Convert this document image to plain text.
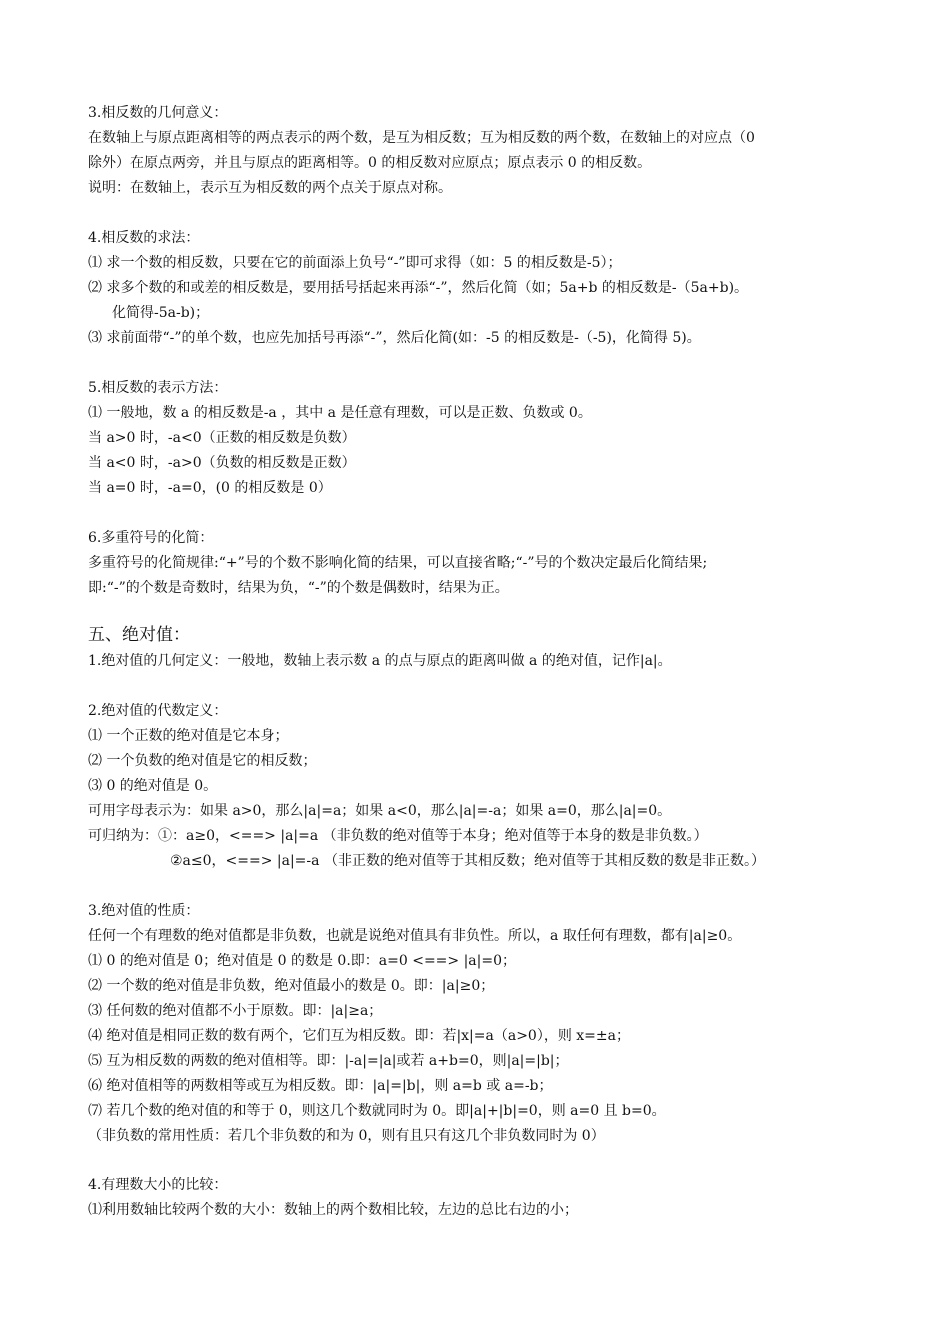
3.相反数的几何意义：
在数轴上与原点距离相等的两点表示的两个数，是互为相反数；互为相反数的两个数，在数轴上的对应点（0
除外）在原点两旁，并且与原点的距离相等。0 的相反数对应原点；原点表示 0 的相反数。
说明：在数轴上，表示互为相反数的两个点关于原点对称。
4.相反数的求法：
⑴ 求一个数的相反数，只要在它的前面添上负号“-”即可求得（如：5 的相反数是-5）；
⑵ 求多个数的和或差的相反数是，要用括号括起来再添“-”，然后化简（如；5a+b 的相反数是-（5a+b)。
化简得-5a-b)；
⑶ 求前面带“-”的单个数，也应先加括号再添“-”，然后化简(如：-5 的相反数是-（-5)，化简得 5)。
5.相反数的表示方法：
⑴ 一般地，数 a 的相反数是-a ，其中 a 是任意有理数，可以是正数、负数或 0。
当 a>0 时，-a<0（正数的相反数是负数）
当 a<0 时，-a>0（负数的相反数是正数）
当 a=0 时，-a=0，(0 的相反数是 0）
6.多重符号的化简：
多重符号的化简规律:“+”号的个数不影响化简的结果，可以直接省略;“-”号的个数决定最后化简结果;
即:“-”的个数是奇数时，结果为负，“-”的个数是偶数时，结果为正。
五、绝对值：
1.绝对值的几何定义：一般地，数轴上表示数 a 的点与原点的距离叫做 a 的绝对值，记作|a|。
2.绝对值的代数定义：
⑴ 一个正数的绝对值是它本身；
⑵ 一个负数的绝对值是它的相反数；
⑶ 0 的绝对值是 0。
可用字母表示为：如果 a>0，那么|a|=a；如果 a<0，那么|a|=-a；如果 a=0，那么|a|=0。
可归纳为：①：a≥0，<==> |a|=a （非负数的绝对值等于本身；绝对值等于本身的数是非负数。）
②a≤0，<==> |a|=-a （非正数的绝对值等于其相反数；绝对值等于其相反数的数是非正数。）
3.绝对值的性质：
任何一个有理数的绝对值都是非负数，也就是说绝对值具有非负性。所以，a 取任何有理数，都有|a|≥0。
⑴ 0 的绝对值是 0；绝对值是 0 的数是 0.即：a=0 <==> |a|=0；
⑵ 一个数的绝对值是非负数，绝对值最小的数是 0。即：|a|≥0；
⑶ 任何数的绝对值都不小于原数。即：|a|≥a；
⑷ 绝对值是相同正数的数有两个，它们互为相反数。即：若|x|=a（a>0），则 x=±a；
⑸ 互为相反数的两数的绝对值相等。即：|-a|=|a|或若 a+b=0，则|a|=|b|；
⑹ 绝对值相等的两数相等或互为相反数。即：|a|=|b|，则 a=b 或 a=-b；
⑺ 若几个数的绝对值的和等于 0，则这几个数就同时为 0。即|a|+|b|=0，则 a=0 且 b=0。
（非负数的常用性质：若几个非负数的和为 0，则有且只有这几个非负数同时为 0）
4.有理数大小的比较：
⑴利用数轴比较两个数的大小：数轴上的两个数相比较，左边的总比右边的小；
